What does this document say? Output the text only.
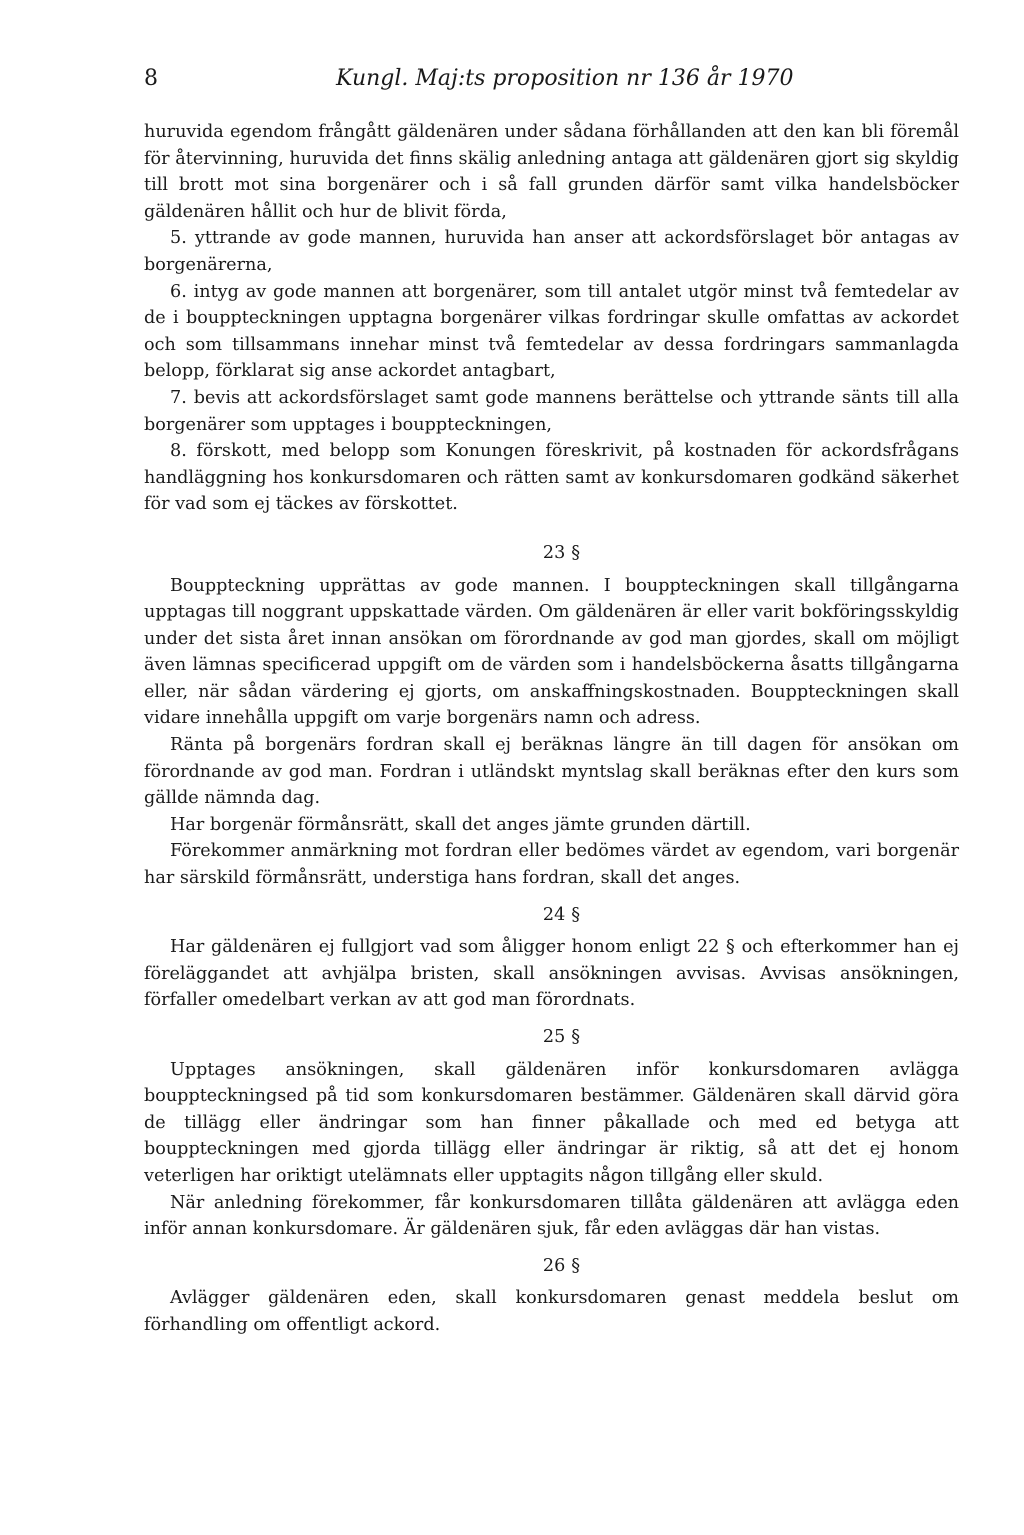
8	Kungl. Maj:ts proposition nr 136 år 1970

huruvida egendom frångått gäldenären under sådana förhållanden att den kan bli föremål för återvinning, huruvida det finns skälig anledning antaga att gäldenären gjort sig skyldig till brott mot sina borgenärer och i så fall grunden därför samt vilka handelsböcker gäldenären hållit och hur de blivit förda,

5. yttrande av gode mannen, huruvida han anser att ackordsförslaget bör antagas av borgenärerna,

6. intyg av gode mannen att borgenärer, som till antalet utgör minst två femtedelar av de i bouppteckningen upptagna borgenärer vilkas fordringar skulle omfattas av ackordet och som tillsammans innehar minst två femtedelar av dessa fordringars sammanlagda belopp, förklarat sig anse ackordet antagbart,

7. bevis att ackordsförslaget samt gode mannens berättelse och yttrande sänts till alla borgenärer som upptages i bouppteckningen,

8. förskott, med belopp som Konungen föreskrivit, på kostnaden för ackordsfrågans handläggning hos konkursdomaren och rätten samt av konkursdomaren godkänd säkerhet för vad som ej täckes av förskottet.

23 §

Bouppteckning upprättas av gode mannen. I bouppteckningen skall tillgångarna upptagas till noggrant uppskattade värden. Om gäldenären är eller varit bokföringsskyldig under det sista året innan ansökan om förordnande av god man gjordes, skall om möjligt även lämnas specificerad uppgift om de värden som i handelsböckerna åsatts tillgångarna eller, när sådan värdering ej gjorts, om anskaffningskostnaden. Bouppteckningen skall vidare innehålla uppgift om varje borgenärs namn och adress.

Ränta på borgenärs fordran skall ej beräknas längre än till dagen för ansökan om förordnande av god man. Fordran i utländskt myntslag skall beräknas efter den kurs som gällde nämnda dag.

Har borgenär förmånsrätt, skall det anges jämte grunden därtill.

Förekommer anmärkning mot fordran eller bedömes värdet av egendom, vari borgenär har särskild förmånsrätt, understiga hans fordran, skall det anges.

24 §

Har gäldenären ej fullgjort vad som åligger honom enligt 22 § och efterkommer han ej föreläggandet att avhjälpa bristen, skall ansökningen avvisas. Avvisas ansökningen, förfaller omedelbart verkan av att god man förordnats.

25 §

Upptages ansökningen, skall gäldenären inför konkursdomaren avlägga bouppteckningsed på tid som konkursdomaren bestämmer. Gäldenären skall därvid göra de tillägg eller ändringar som han finner påkallade och med ed betyga att bouppteckningen med gjorda tillägg eller ändringar är riktig, så att det ej honom veterligen har oriktigt utelämnats eller upptagits någon tillgång eller skuld.

När anledning förekommer, får konkursdomaren tillåta gäldenären att avlägga eden inför annan konkursdomare. Är gäldenären sjuk, får eden avläggas där han vistas.

26 §

Avlägger gäldenären eden, skall konkursdomaren genast meddela beslut om förhandling om offentligt ackord.
